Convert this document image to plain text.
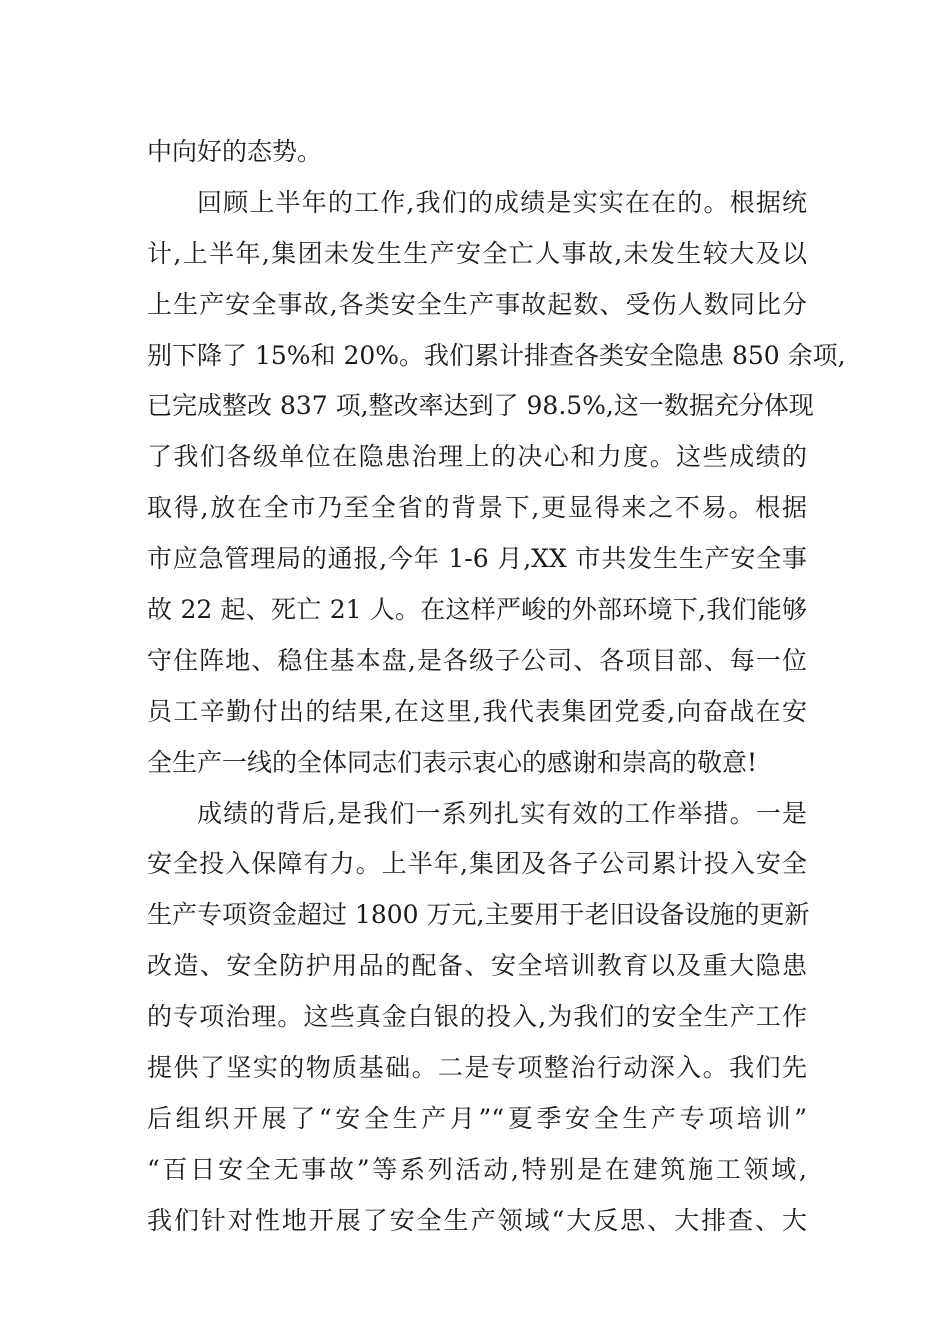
中向好的态势。
回顾上半年的工作,我们的成绩是实实在在的。根据统
计,上半年,集团未发生生产安全亡人事故,未发生较大及以
上生产安全事故,各类安全生产事故起数、受伤人数同比分
别下降了 15%和 20%。我们累计排查各类安全隐患 850 余项,
已完成整改 837 项,整改率达到了 98.5%,这一数据充分体现
了我们各级单位在隐患治理上的决心和力度。这些成绩的
取得,放在全市乃至全省的背景下,更显得来之不易。根据
市应急管理局的通报,今年 1-6 月,XX 市共发生生产安全事
故 22 起、死亡 21 人。在这样严峻的外部环境下,我们能够
守住阵地、稳住基本盘,是各级子公司、各项目部、每一位
员工辛勤付出的结果,在这里,我代表集团党委,向奋战在安
全生产一线的全体同志们表示衷心的感谢和崇高的敬意!
成绩的背后,是我们一系列扎实有效的工作举措。一是
安全投入保障有力。上半年,集团及各子公司累计投入安全
生产专项资金超过 1800 万元,主要用于老旧设备设施的更新
改造、安全防护用品的配备、安全培训教育以及重大隐患
的专项治理。这些真金白银的投入,为我们的安全生产工作
提供了坚实的物质基础。二是专项整治行动深入。我们先
后组织开展了“安全生产月”“夏季安全生产专项培训”
“百日安全无事故”等系列活动,特别是在建筑施工领域,
我们针对性地开展了安全生产领域“大反思、大排查、大
